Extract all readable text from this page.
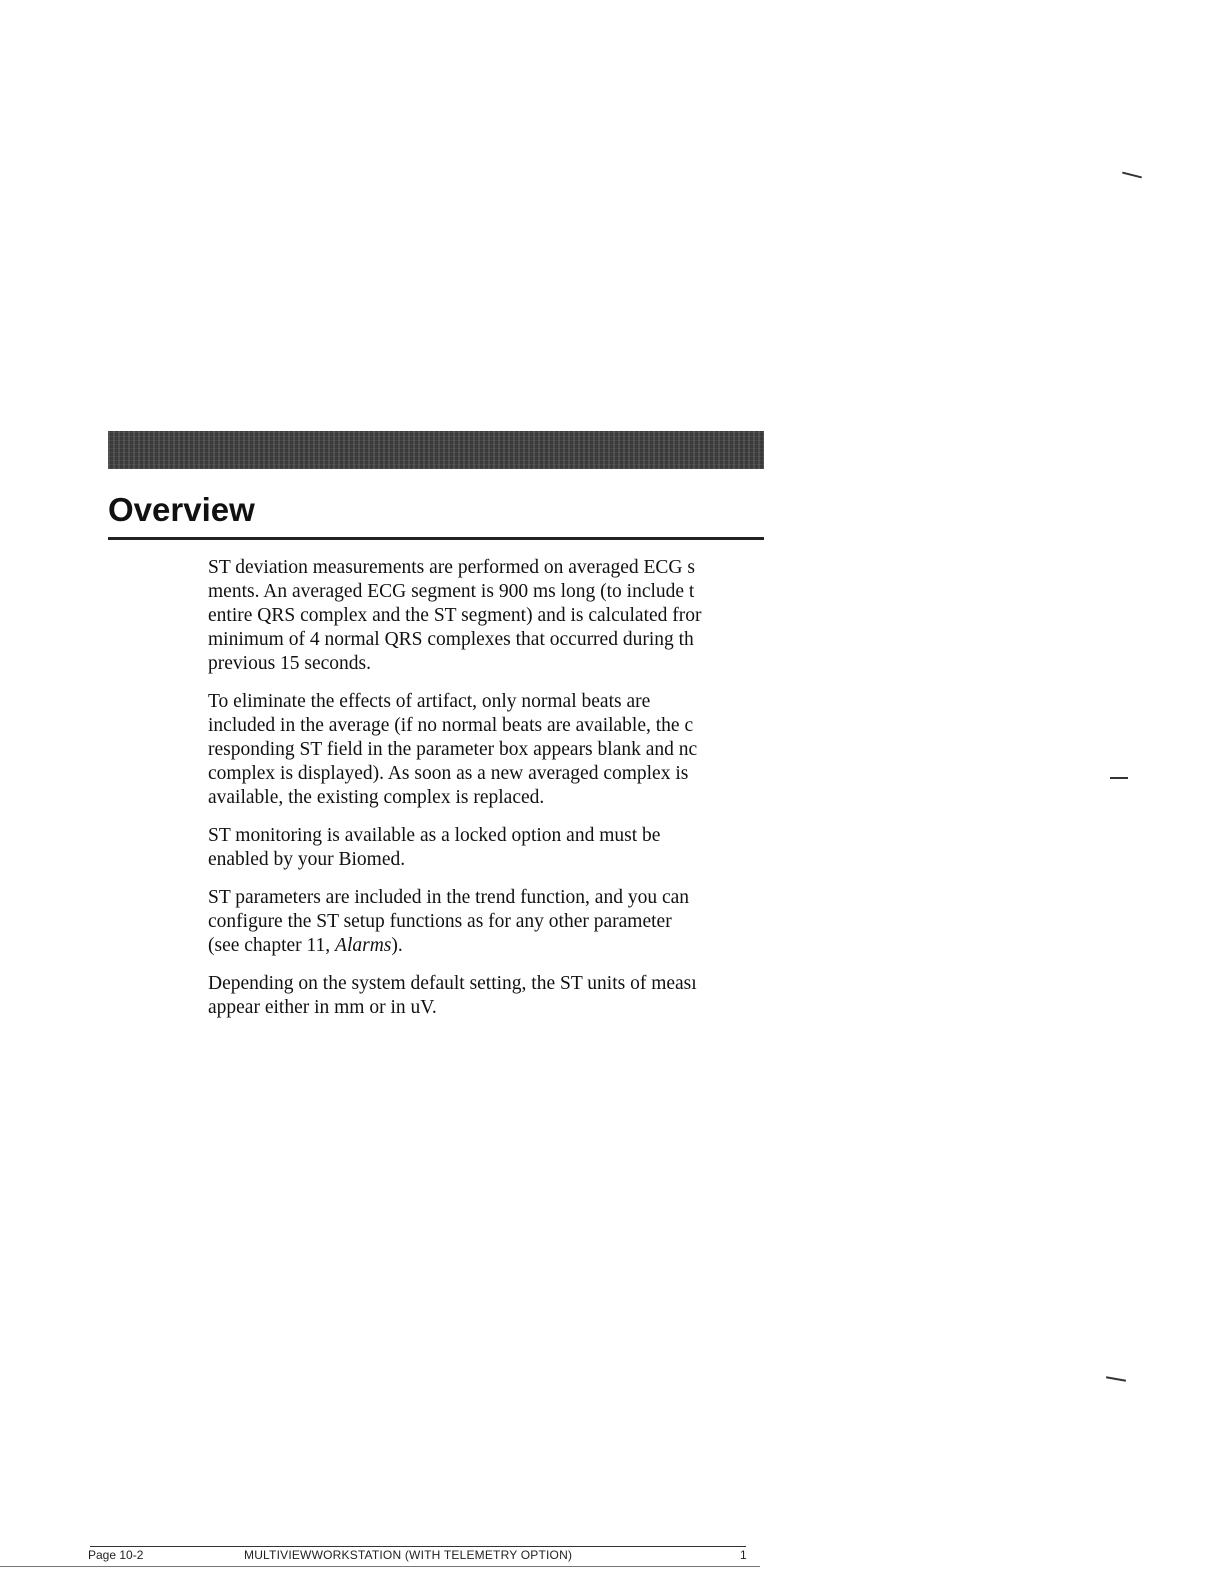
Overview

ST deviation measurements are performed on averaged ECG s
ments. An averaged ECG segment is 900 ms long (to include t
entire QRS complex and the ST segment) and is calculated fror
minimum of 4 normal QRS complexes that occurred during th
previous 15 seconds.

To eliminate the effects of artifact, only normal beats are
included in the average (if no normal beats are available, the c
responding ST field in the parameter box appears blank and nc
complex is displayed). As soon as a new averaged complex is
available, the existing complex is replaced.

ST monitoring is available as a locked option and must be
enabled by your Biomed.

ST parameters are included in the trend function, and you can
configure the ST setup functions as for any other parameter
(see chapter 11, Alarms).

Depending on the system default setting, the ST units of meası
appear either in mm or in uV.

Page 10-2	MULTIVIEWWORKSTATION (WITH TELEMETRY OPTION)	1
